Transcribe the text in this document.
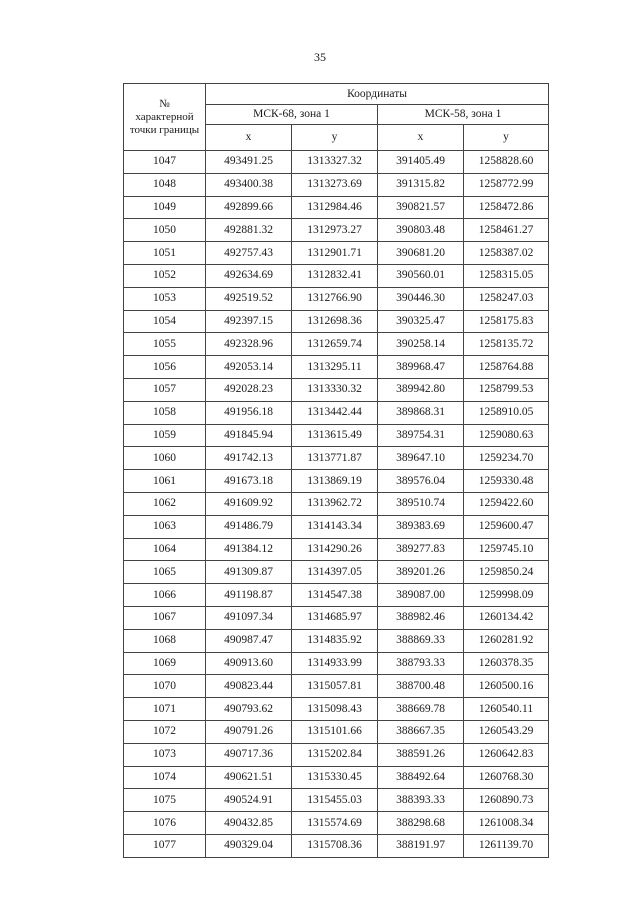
35
№
характерной
точки границы	Координаты			
	МСК-68, зона 1		МСК-58, зона 1	
	x	y	x	y
1047	493491.25	1313327.32	391405.49	1258828.60
1048	493400.38	1313273.69	391315.82	1258772.99
1049	492899.66	1312984.46	390821.57	1258472.86
1050	492881.32	1312973.27	390803.48	1258461.27
1051	492757.43	1312901.71	390681.20	1258387.02
1052	492634.69	1312832.41	390560.01	1258315.05
1053	492519.52	1312766.90	390446.30	1258247.03
1054	492397.15	1312698.36	390325.47	1258175.83
1055	492328.96	1312659.74	390258.14	1258135.72
1056	492053.14	1313295.11	389968.47	1258764.88
1057	492028.23	1313330.32	389942.80	1258799.53
1058	491956.18	1313442.44	389868.31	1258910.05
1059	491845.94	1313615.49	389754.31	1259080.63
1060	491742.13	1313771.87	389647.10	1259234.70
1061	491673.18	1313869.19	389576.04	1259330.48
1062	491609.92	1313962.72	389510.74	1259422.60
1063	491486.79	1314143.34	389383.69	1259600.47
1064	491384.12	1314290.26	389277.83	1259745.10
1065	491309.87	1314397.05	389201.26	1259850.24
1066	491198.87	1314547.38	389087.00	1259998.09
1067	491097.34	1314685.97	388982.46	1260134.42
1068	490987.47	1314835.92	388869.33	1260281.92
1069	490913.60	1314933.99	388793.33	1260378.35
1070	490823.44	1315057.81	388700.48	1260500.16
1071	490793.62	1315098.43	388669.78	1260540.11
1072	490791.26	1315101.66	388667.35	1260543.29
1073	490717.36	1315202.84	388591.26	1260642.83
1074	490621.51	1315330.45	388492.64	1260768.30
1075	490524.91	1315455.03	388393.33	1260890.73
1076	490432.85	1315574.69	388298.68	1261008.34
1077	490329.04	1315708.36	388191.97	1261139.70
